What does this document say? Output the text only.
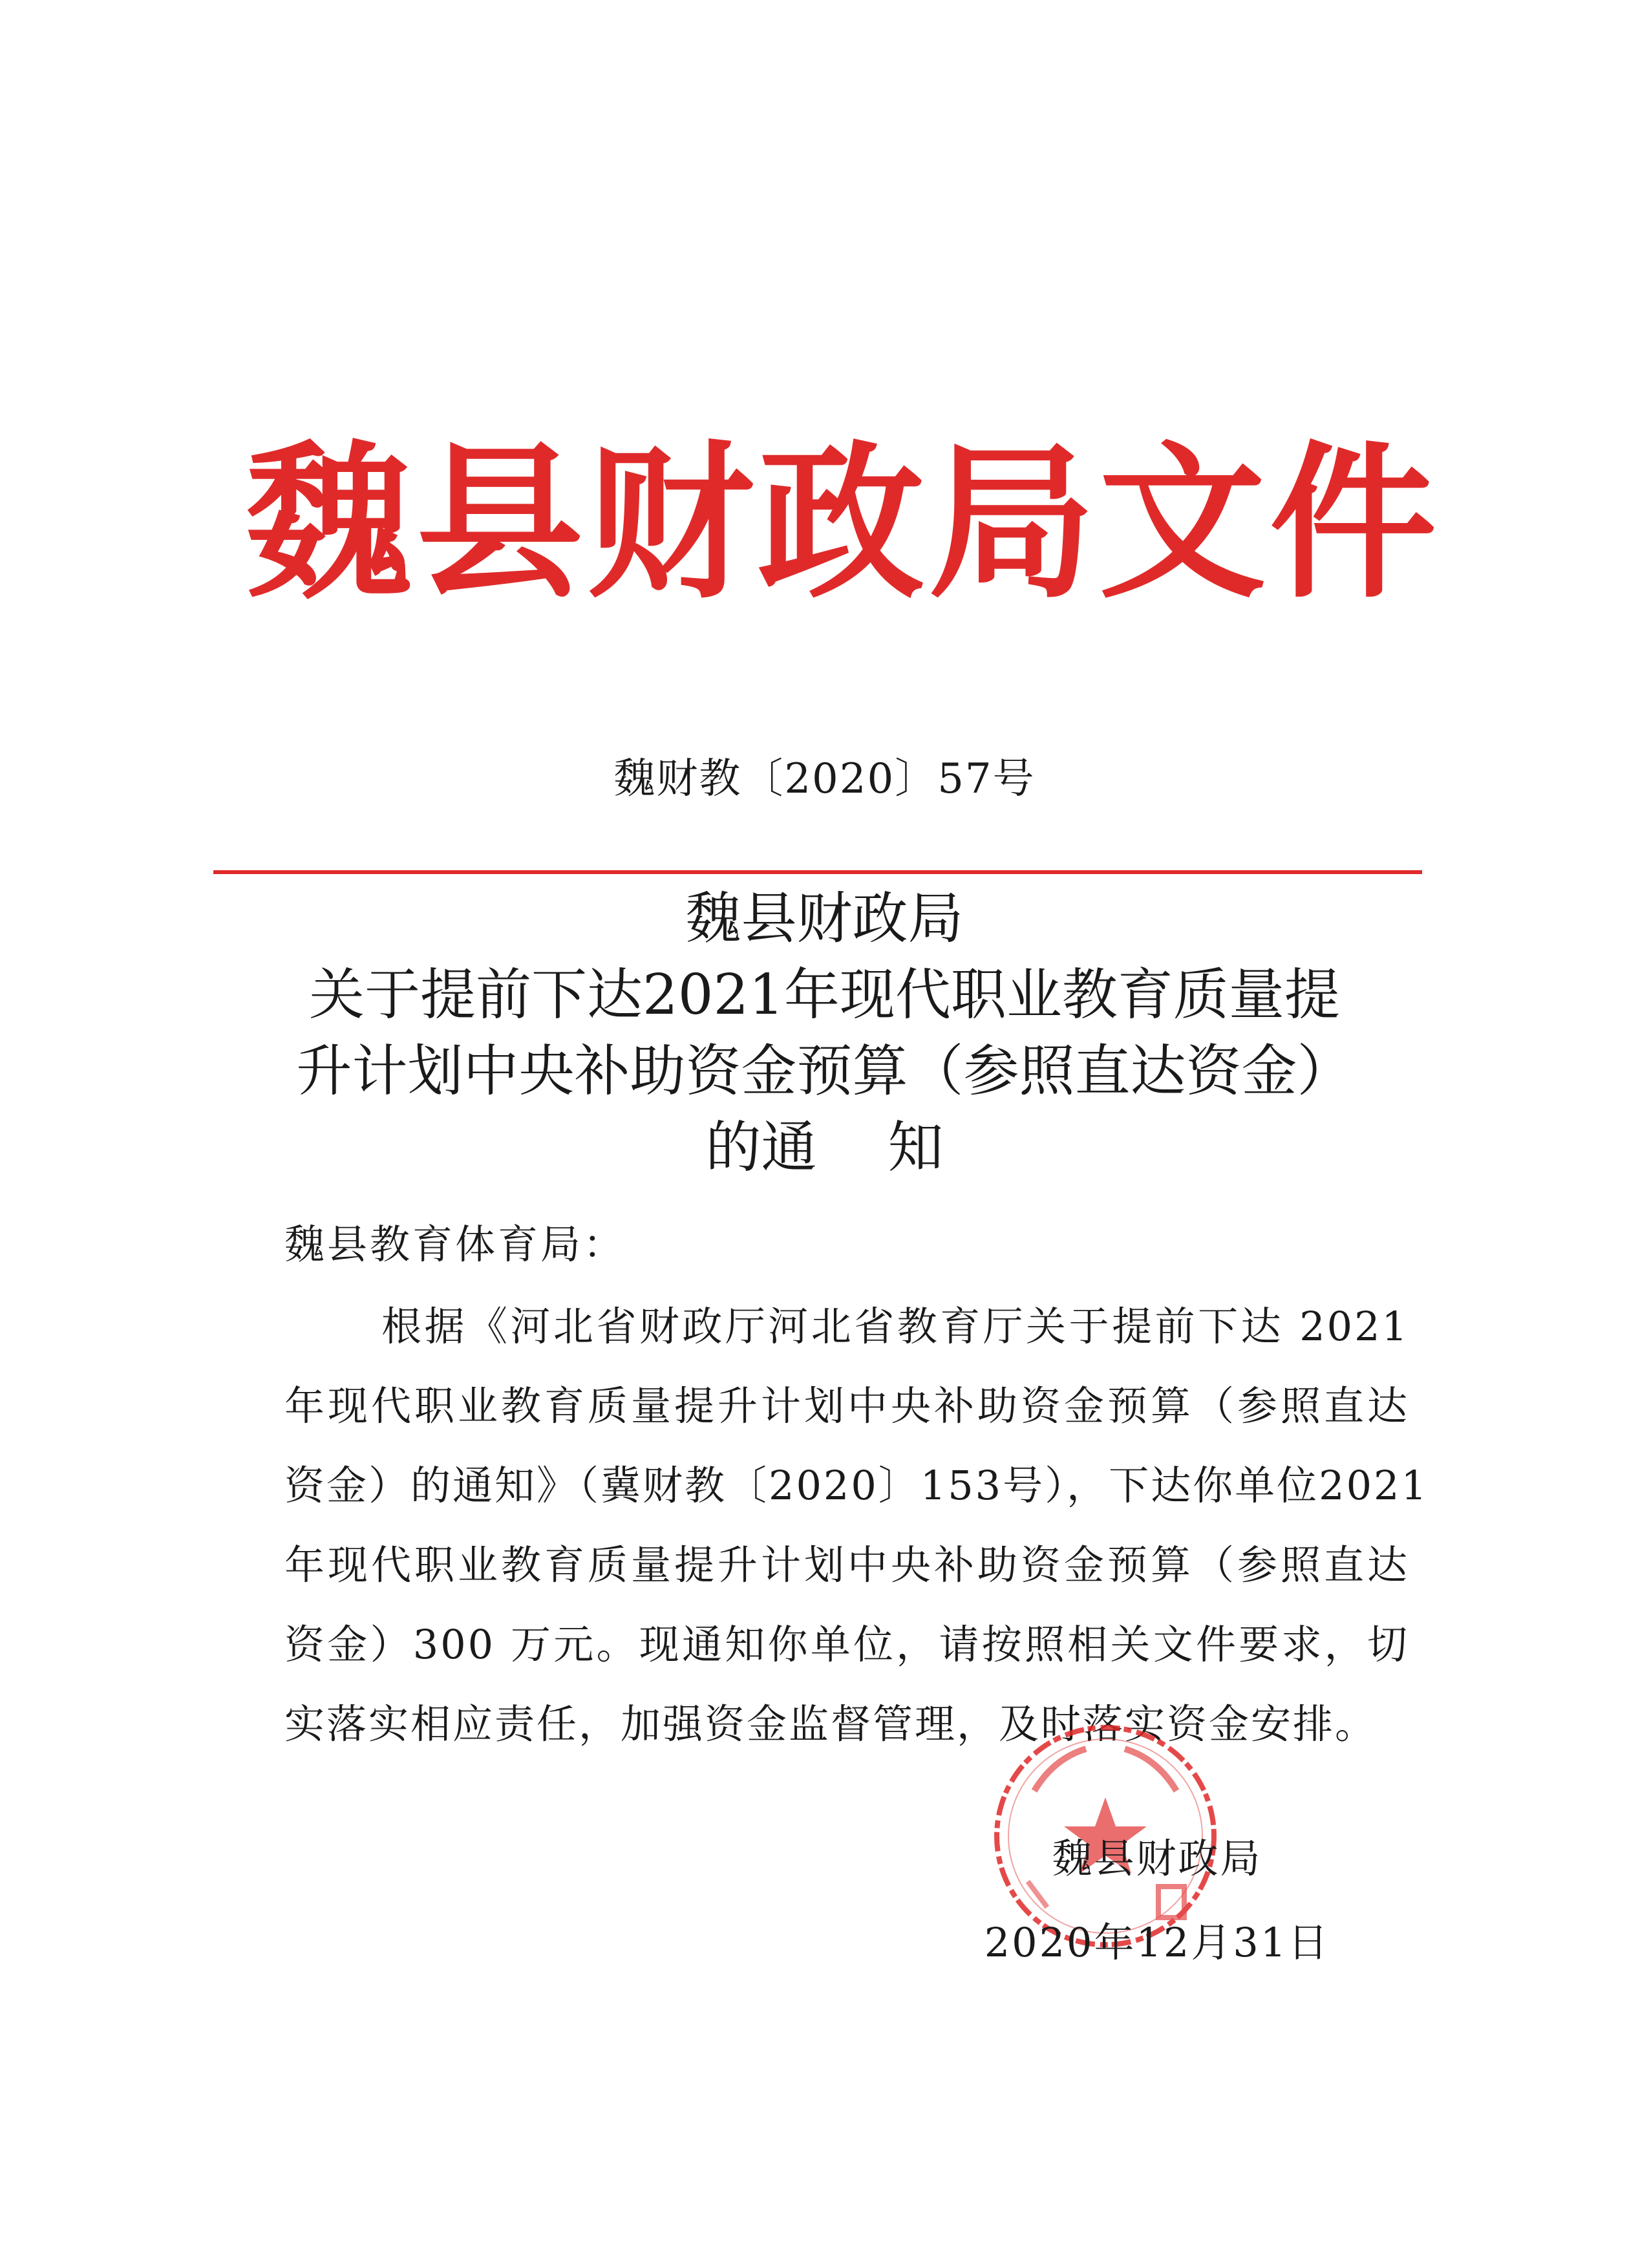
魏县财政局文件
魏财教〔2020〕57号
魏县财政局
关于提前下达2021年现代职业教育质量提
升计划中央补助资金预算（参照直达资金）
的通 知
魏县教育体育局：
根据《河北省财政厅河北省教育厅关于提前下达 2021
年现代职业教育质量提升计划中央补助资金预算（参照直达
资金）的通知》（冀财教〔2020〕153号），下达你单位2021
年现代职业教育质量提升计划中央补助资金预算（参照直达
资金）300 万元。现通知你单位，请按照相关文件要求，切
实落实相应责任，加强资金监督管理，及时落实资金安排。
魏县财政局
2020年12月31日
